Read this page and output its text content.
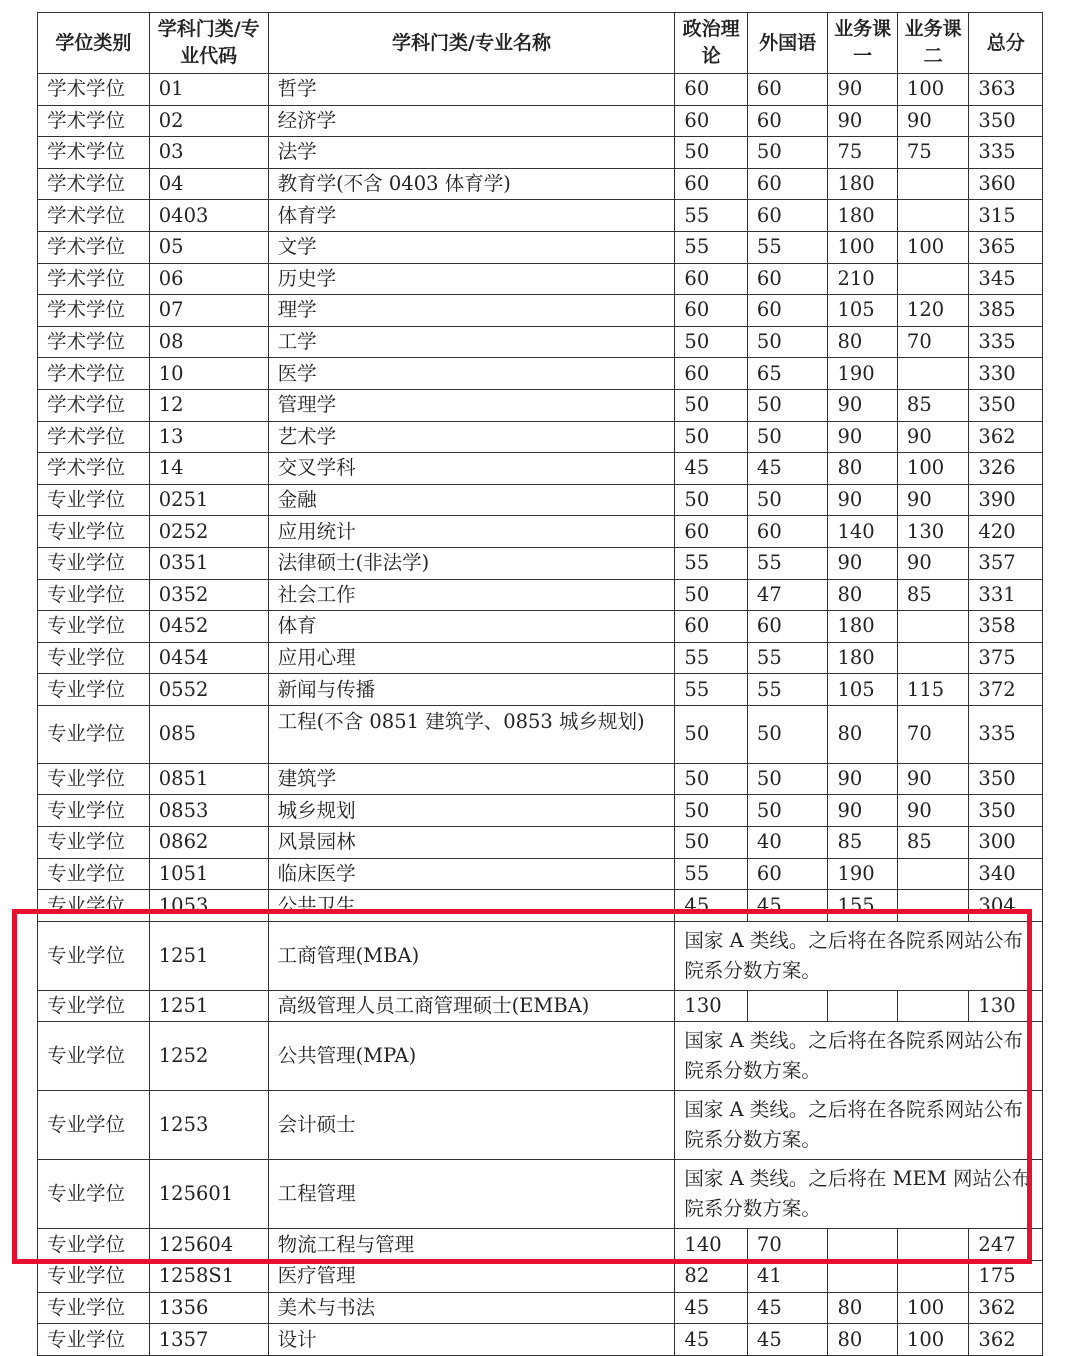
学位类别	学科门类/专业代码	学科门类/专业名称	政治理论	外国语	业务课一	业务课二	总分
学术学位	01	哲学	60	60	90	100	363
学术学位	02	经济学	60	60	90	90	350
学术学位	03	法学	50	50	75	75	335
学术学位	04	教育学(不含 0403 体育学)	60	60	180		360
学术学位	0403	体育学	55	60	180		315
学术学位	05	文学	55	55	100	100	365
学术学位	06	历史学	60	60	210		345
学术学位	07	理学	60	60	105	120	385
学术学位	08	工学	50	50	80	70	335
学术学位	10	医学	60	65	190		330
学术学位	12	管理学	50	50	90	85	350
学术学位	13	艺术学	50	50	90	90	362
学术学位	14	交叉学科	45	45	80	100	326
专业学位	0251	金融	50	50	90	90	390
专业学位	0252	应用统计	60	60	140	130	420
专业学位	0351	法律硕士(非法学)	55	55	90	90	357
专业学位	0352	社会工作	50	47	80	85	331
专业学位	0452	体育	60	60	180		358
专业学位	0454	应用心理	55	55	180		375
专业学位	0552	新闻与传播	55	55	105	115	372
专业学位	085	工程(不含 0851 建筑学、0853 城乡规划)	50	50	80	70	335
专业学位	0851	建筑学	50	50	90	90	350
专业学位	0853	城乡规划	50	50	90	90	350
专业学位	0862	风景园林	50	40	85	85	300
专业学位	1051	临床医学	55	60	190		340
专业学位	1053	公共卫生	45	45	155		304
专业学位	1251	工商管理(MBA)	国家 A 类线。之后将在各院系网站公布院系分数方案。				
专业学位	1251	高级管理人员工商管理硕士(EMBA)	130				130
专业学位	1252	公共管理(MPA)	国家 A 类线。之后将在各院系网站公布院系分数方案。				
专业学位	1253	会计硕士	国家 A 类线。之后将在各院系网站公布院系分数方案。				
专业学位	125601	工程管理	国家 A 类线。之后将在 MEM 网站公布院系分数方案。				
专业学位	125604	物流工程与管理	140	70			247
专业学位	1258S1	医疗管理	82	41			175
专业学位	1356	美术与书法	45	45	80	100	362
专业学位	1357	设计	45	45	80	100	362
